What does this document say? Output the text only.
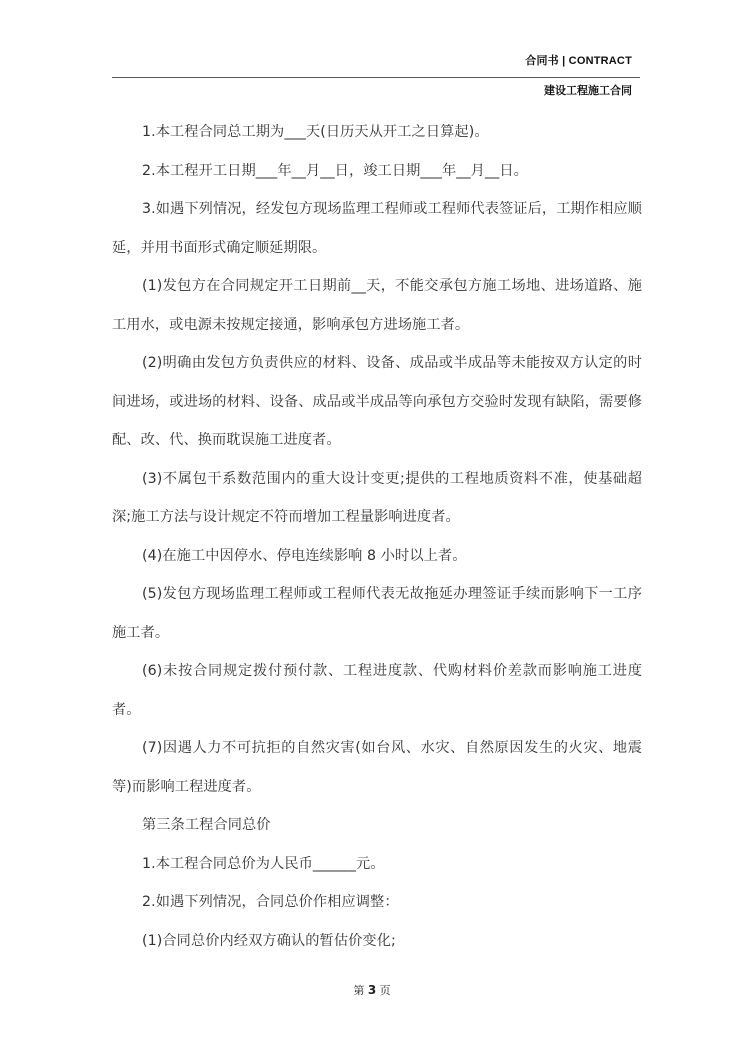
合同书 | CONTRACT
建设工程施工合同

1.本工程合同总工期为___天(日历天从开工之日算起)。

2.本工程开工日期___年__月__日，竣工日期___年__月__日。

3.如遇下列情况，经发包方现场监理工程师或工程师代表签证后，工期作相应顺延，并用书面形式确定顺延期限。

(1)发包方在合同规定开工日期前__天，不能交承包方施工场地、进场道路、施工用水，或电源未按规定接通，影响承包方进场施工者。

(2)明确由发包方负责供应的材料、设备、成品或半成品等未能按双方认定的时间进场，或进场的材料、设备、成品或半成品等向承包方交验时发现有缺陷，需要修配、改、代、换而耽误施工进度者。

(3)不属包干系数范围内的重大设计变更;提供的工程地质资料不准，使基础超深;施工方法与设计规定不符而增加工程量影响进度者。

(4)在施工中因停水、停电连续影响 8 小时以上者。

(5)发包方现场监理工程师或工程师代表无故拖延办理签证手续而影响下一工序施工者。

(6)未按合同规定拨付预付款、工程进度款、代购材料价差款而影响施工进度者。

(7)因遇人力不可抗拒的自然灾害(如台风、水灾、自然原因发生的火灾、地震等)而影响工程进度者。

第三条工程合同总价

1.本工程合同总价为人民币______元。

2.如遇下列情况，合同总价作相应调整：

(1)合同总价内经双方确认的暂估价变化;

第 3 页
